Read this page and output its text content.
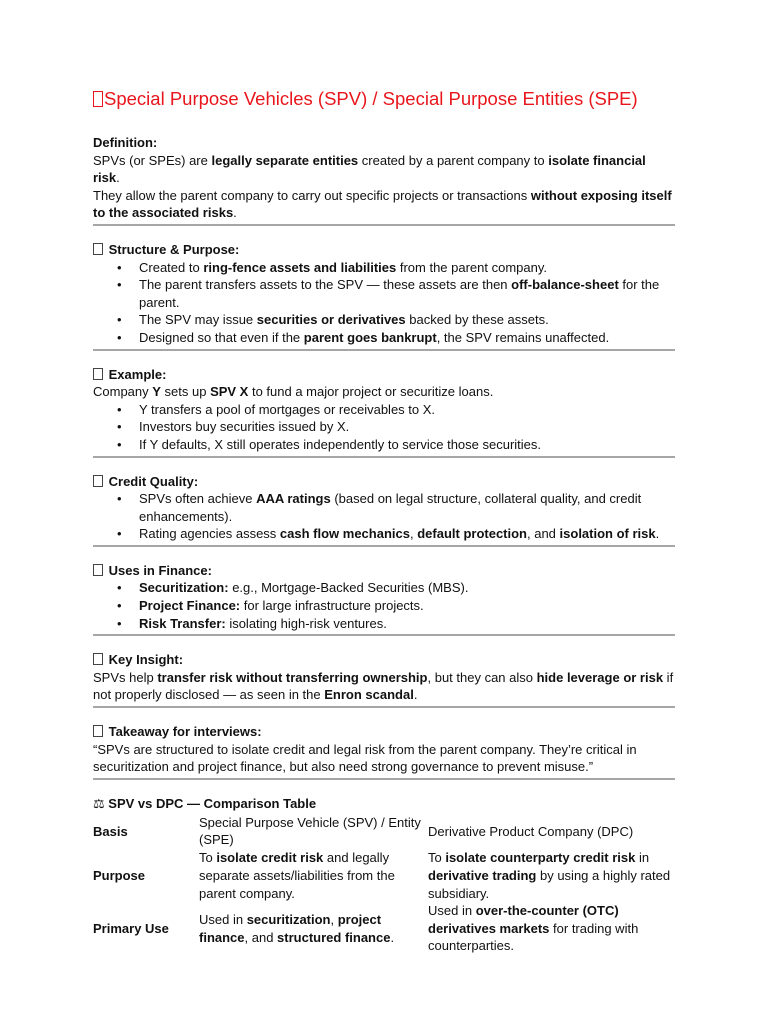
Special Purpose Vehicles (SPV) / Special Purpose Entities (SPE)

Definition:

SPVs (or SPEs) are legally separate entities created by a parent company to isolate financial risk.

They allow the parent company to carry out specific projects or transactions without exposing itself to the associated risks.

Structure & Purpose:

• Created to ring-fence assets and liabilities from the parent company.
• The parent transfers assets to the SPV — these assets are then off-balance-sheet for the parent.
• The SPV may issue securities or derivatives backed by these assets.
• Designed so that even if the parent goes bankrupt, the SPV remains unaffected.

Example:

Company Y sets up SPV X to fund a major project or securitize loans.

• Y transfers a pool of mortgages or receivables to X.
• Investors buy securities issued by X.
• If Y defaults, X still operates independently to service those securities.

Credit Quality:

• SPVs often achieve AAA ratings (based on legal structure, collateral quality, and credit enhancements).
• Rating agencies assess cash flow mechanics, default protection, and isolation of risk.

Uses in Finance:

• Securitization: e.g., Mortgage-Backed Securities (MBS).
• Project Finance: for large infrastructure projects.
• Risk Transfer: isolating high-risk ventures.

Key Insight:

SPVs help transfer risk without transferring ownership, but they can also hide leverage or risk if not properly disclosed — as seen in the Enron scandal.

Takeaway for interviews:

“SPVs are structured to isolate credit and legal risk from the parent company. They’re critical in securitization and project finance, but also need strong governance to prevent misuse.”

⚖ SPV vs DPC — Comparison Table

Basis	Special Purpose Vehicle (SPV) / Entity (SPE)	Derivative Product Company (DPC)
Purpose	To isolate credit risk and legally separate assets/liabilities from the parent company.	To isolate counterparty credit risk in derivative trading by using a highly rated subsidiary.
Primary Use	Used in securitization, project finance, and structured finance.	Used in over-the-counter (OTC) derivatives markets for trading with counterparties.
